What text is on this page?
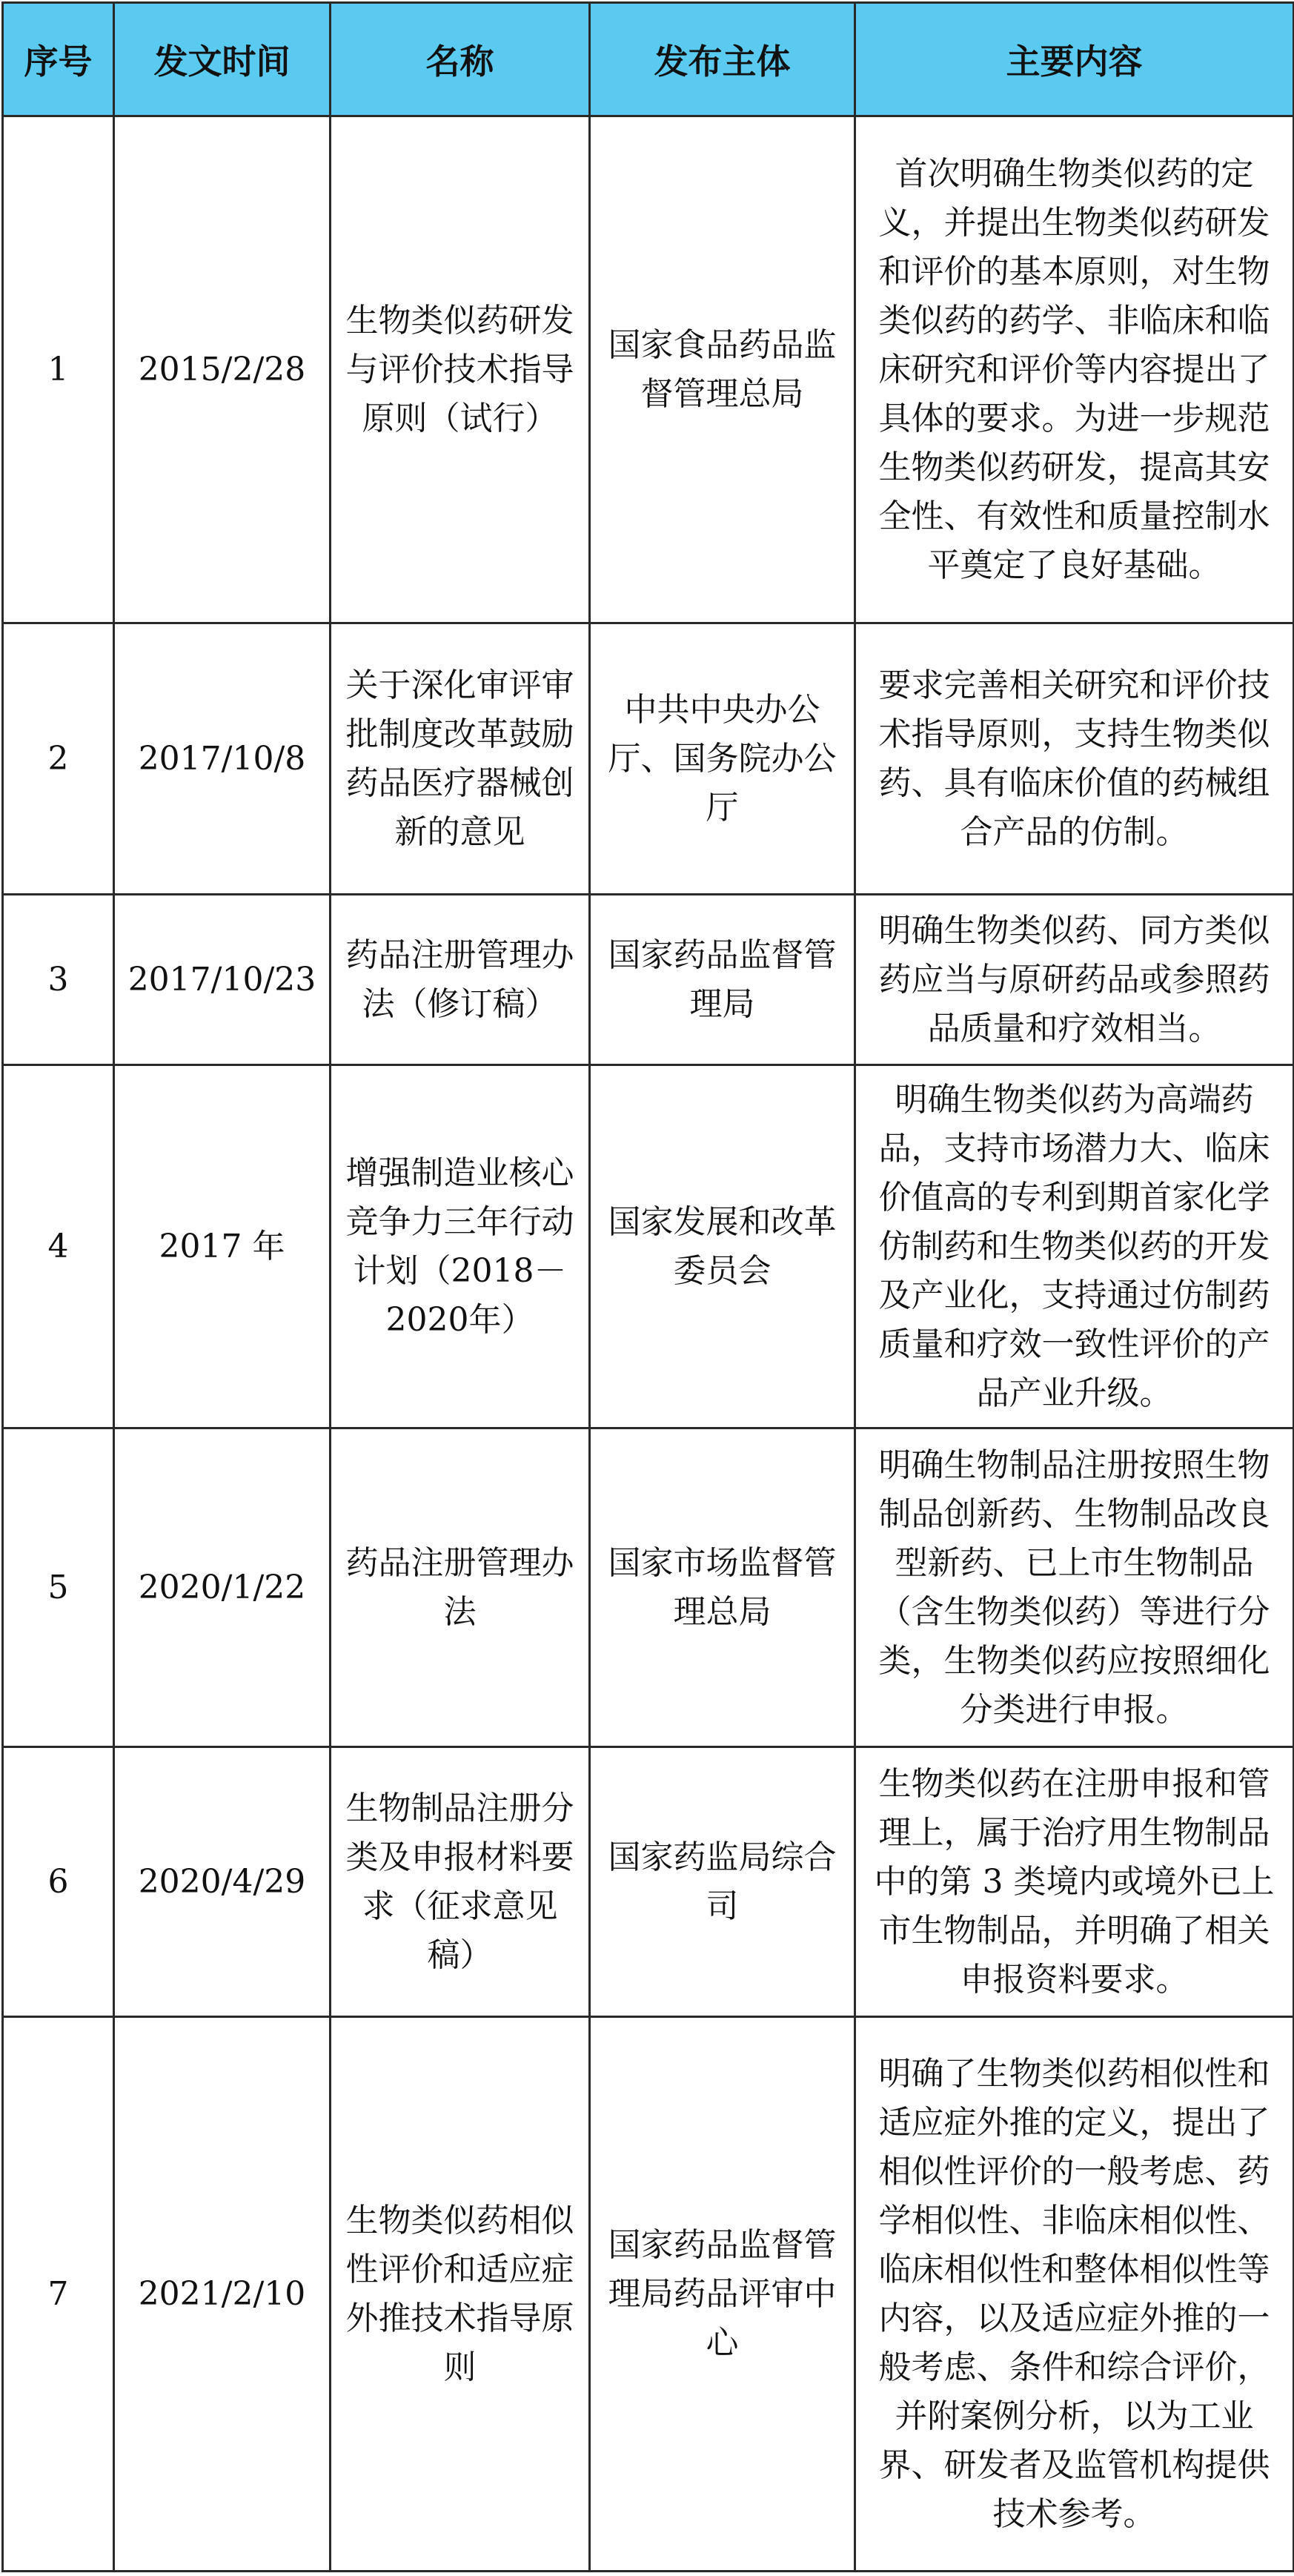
序号	发文时间	名称	发布主体	主要内容
1	2015/2/28	生物类似药研发与评价技术指导原则（试行）	国家食品药品监督管理总局	首次明确生物类似药的定义，并提出生物类似药研发和评价的基本原则，对生物类似药的药学、非临床和临床研究和评价等内容提出了具体的要求。为进一步规范生物类似药研发，提高其安全性、有效性和质量控制水平奠定了良好基础。
2	2017/10/8	关于深化审评审批制度改革鼓励药品医疗器械创新的意见	中共中央办公厅、国务院办公厅	要求完善相关研究和评价技术指导原则，支持生物类似药、具有临床价值的药械组合产品的仿制。
3	2017/10/23	药品注册管理办法（修订稿）	国家药品监督管理局	明确生物类似药、同方类似药应当与原研药品或参照药品质量和疗效相当。
4	2017 年	增强制造业核心竞争力三年行动计划（2018－2020年）	国家发展和改革委员会	明确生物类似药为高端药品，支持市场潜力大、临床价值高的专利到期首家化学仿制药和生物类似药的开发及产业化，支持通过仿制药质量和疗效一致性评价的产品产业升级。
5	2020/1/22	药品注册管理办法	国家市场监督管理总局	明确生物制品注册按照生物制品创新药、生物制品改良型新药、已上市生物制品（含生物类似药）等进行分类，生物类似药应按照细化分类进行申报。
6	2020/4/29	生物制品注册分类及申报材料要求（征求意见稿）	国家药监局综合司	生物类似药在注册申报和管理上，属于治疗用生物制品中的第 3 类境内或境外已上市生物制品，并明确了相关申报资料要求。
7	2021/2/10	生物类似药相似性评价和适应症外推技术指导原则	国家药品监督管理局药品评审中心	明确了生物类似药相似性和适应症外推的定义，提出了相似性评价的一般考虑、药学相似性、非临床相似性、临床相似性和整体相似性等内容，以及适应症外推的一般考虑、条件和综合评价，并附案例分析，以为工业界、研发者及监管机构提供技术参考。
